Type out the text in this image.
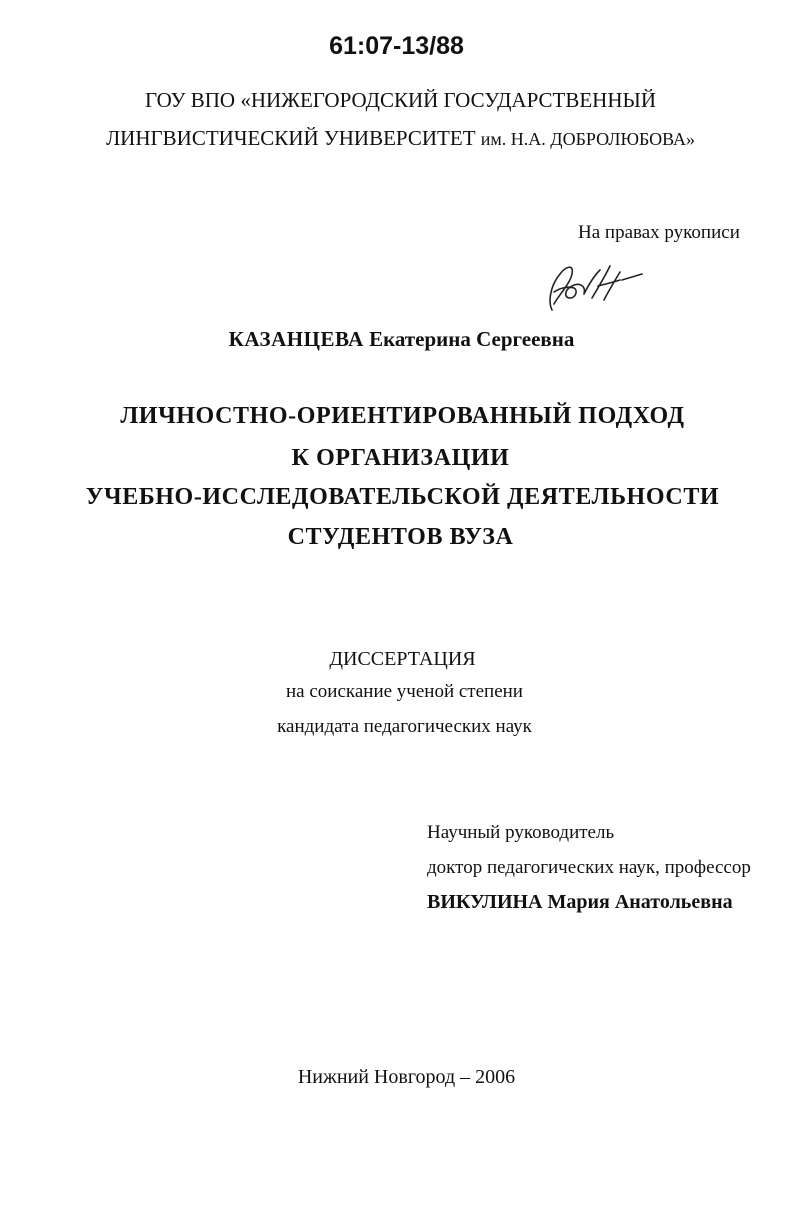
61:07-13/88
ГОУ ВПО «НИЖЕГОРОДСКИЙ ГОСУДАРСТВЕННЫЙ
ЛИНГВИСТИЧЕСКИЙ УНИВЕРСИТЕТ им. Н.А. ДОБРОЛЮБОВА»
На правах рукописи
КАЗАНЦЕВА Екатерина Сергеевна
ЛИЧНОСТНО-ОРИЕНТИРОВАННЫЙ ПОДХОД
К ОРГАНИЗАЦИИ
УЧЕБНО-ИССЛЕДОВАТЕЛЬСКОЙ ДЕЯТЕЛЬНОСТИ
СТУДЕНТОВ ВУЗА
ДИССЕРТАЦИЯ
на соискание ученой степени
кандидата педагогических наук
Научный руководитель
доктор педагогических наук, профессор
ВИКУЛИНА Мария Анатольевна
Нижний Новгород – 2006
